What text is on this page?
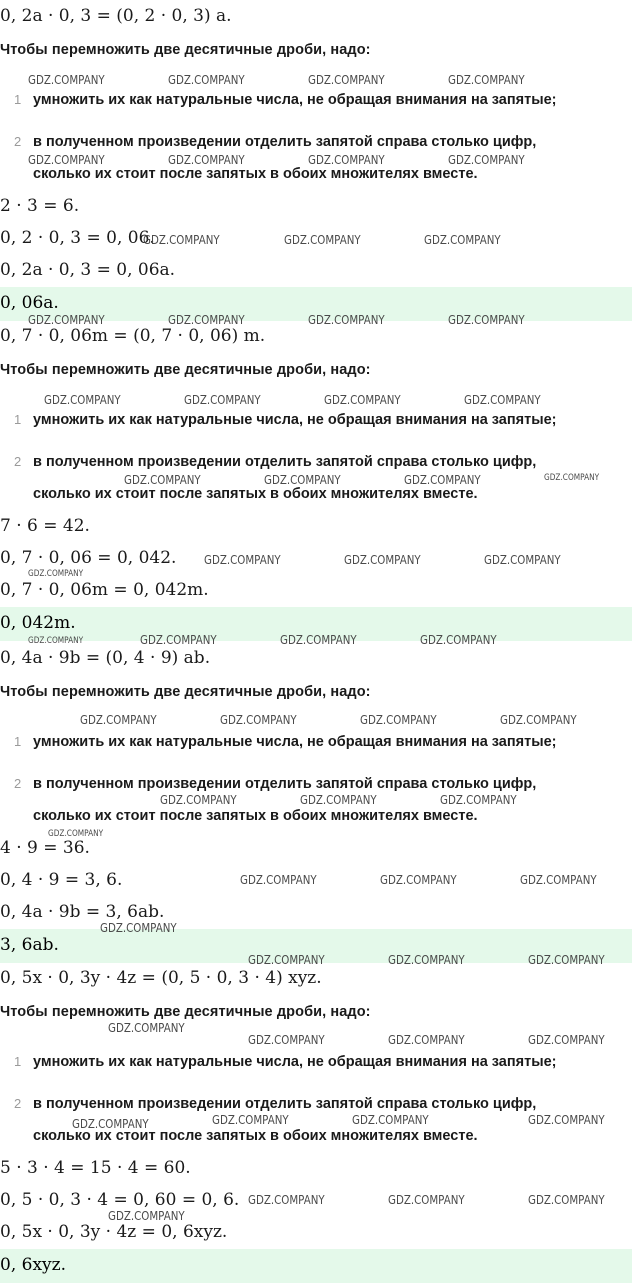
0, 2a · 0, 3 = (0, 2 · 0, 3) a.
Чтобы перемножить две десятичные дроби, надо:
1 умножить их как натуральные числа, не обращая внимания на запятые;
2 в полученном произведении отделить запятой справа столько цифр,
сколько их стоит после запятых в обоих множителях вместе.
2 · 3 = 6.
0, 2 · 0, 3 = 0, 06.
0, 2a · 0, 3 = 0, 06a.
0, 06a.
0, 7 · 0, 06m = (0, 7 · 0, 06) m.
Чтобы перемножить две десятичные дроби, надо:
1 умножить их как натуральные числа, не обращая внимания на запятые;
2 в полученном произведении отделить запятой справа столько цифр,
сколько их стоит после запятых в обоих множителях вместе.
7 · 6 = 42.
0, 7 · 0, 06 = 0, 042.
0, 7 · 0, 06m = 0, 042m.
0, 042m.
0, 4a · 9b = (0, 4 · 9) ab.
Чтобы перемножить две десятичные дроби, надо:
1 умножить их как натуральные числа, не обращая внимания на запятые;
2 в полученном произведении отделить запятой справа столько цифр,
сколько их стоит после запятых в обоих множителях вместе.
4 · 9 = 36.
0, 4 · 9 = 3, 6.
0, 4a · 9b = 3, 6ab.
3, 6ab.
0, 5x · 0, 3y · 4z = (0, 5 · 0, 3 · 4) xyz.
Чтобы перемножить две десятичные дроби, надо:
1 умножить их как натуральные числа, не обращая внимания на запятые;
2 в полученном произведении отделить запятой справа столько цифр,
сколько их стоит после запятых в обоих множителях вместе.
5 · 3 · 4 = 15 · 4 = 60.
0, 5 · 0, 3 · 4 = 0, 60 = 0, 6.
0, 5x · 0, 3y · 4z = 0, 6xyz.
0, 6xyz.
GDZ.COMPANY	GDZ.COMPANY	GDZ.COMPANY	GDZ.COMPANY
GDZ.COMPANY	GDZ.COMPANY	GDZ.COMPANY	GDZ.COMPANY
GDZ.COMPANY	GDZ.COMPANY	GDZ.COMPANY
GDZ.COMPANY	GDZ.COMPANY	GDZ.COMPANY	GDZ.COMPANY
GDZ.COMPANY	GDZ.COMPANY	GDZ.COMPANY	GDZ.COMPANY
GDZ.COMPANY	GDZ.COMPANY	GDZ.COMPANY	GDZ.COMPANY
GDZ.COMPANY	GDZ.COMPANY	GDZ.COMPANY
GDZ.COMPANY
GDZ.COMPANY	GDZ.COMPANY	GDZ.COMPANY	GDZ.COMPANY
GDZ.COMPANY	GDZ.COMPANY	GDZ.COMPANY	GDZ.COMPANY
GDZ.COMPANY	GDZ.COMPANY	GDZ.COMPANY
GDZ.COMPANY
GDZ.COMPANY	GDZ.COMPANY	GDZ.COMPANY
GDZ.COMPANY
GDZ.COMPANY	GDZ.COMPANY	GDZ.COMPANY
GDZ.COMPANY
GDZ.COMPANY	GDZ.COMPANY	GDZ.COMPANY
GDZ.COMPANY	GDZ.COMPANY	GDZ.COMPANY	GDZ.COMPANY
GDZ.COMPANY	GDZ.COMPANY	GDZ.COMPANY
GDZ.COMPANY
